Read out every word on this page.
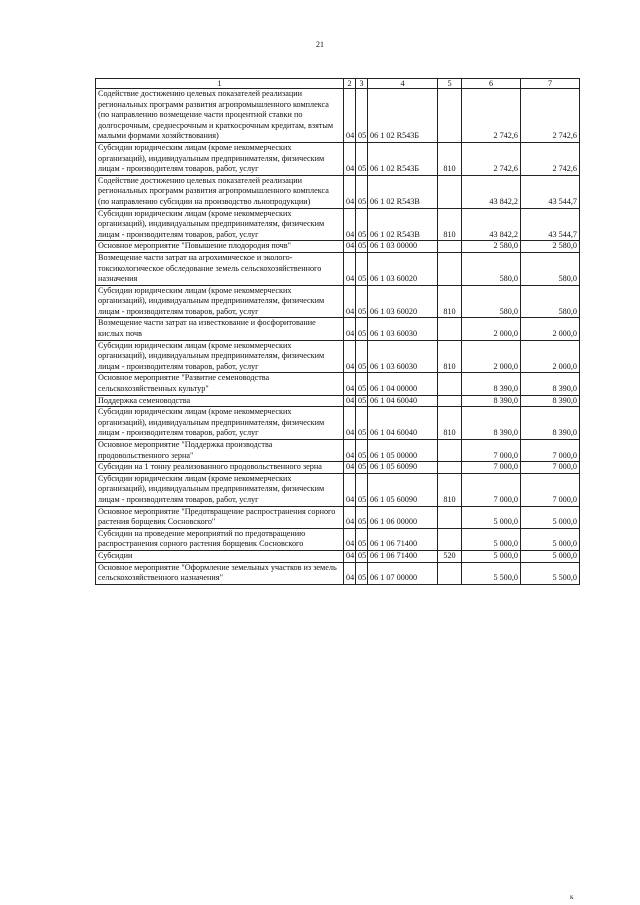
21
1	2	3	4	5	6	7
Содействие достижению целевых показателей реализации региональных программ развития агропромышленного комплекса (по направлению возмещение части процентной ставки по долгосрочным, среднесрочным и краткосрочным кредитам, взятым малыми формами хозяйствования)	04	05	06 1 02 R543Б		2 742,6	2 742,6
Субсидии юридическим лицам (кроме некоммерческих организаций), индивидуальным предпринимателям, физическим лицам - производителям товаров, работ, услуг	04	05	06 1 02 R543Б	810	2 742,6	2 742,6
Содействие достижению целевых показателей реализации региональных программ развития агропромышленного комплекса (по направлению субсидии на производство льнопродукции)	04	05	06 1 02 R543В		43 842,2	43 544,7
Субсидии юридическим лицам (кроме некоммерческих организаций), индивидуальным предпринимателям, физическим лицам - производителям товаров, работ, услуг	04	05	06 1 02 R543В	810	43 842,2	43 544,7
Основное мероприятие "Повышение плодородия почв"	04	05	06 1 03 00000		2 580,0	2 580,0
Возмещение части затрат на агрохимическое и эколого-токсикологическое обследование земель сельскохозяйственного назначения	04	05	06 1 03 60020		580,0	580,0
Субсидии юридическим лицам (кроме некоммерческих организаций), индивидуальным предпринимателям, физическим лицам - производителям товаров, работ, услуг	04	05	06 1 03 60020	810	580,0	580,0
Возмещение части затрат на известкование и фосфоритование кислых почв	04	05	06 1 03 60030		2 000,0	2 000,0
Субсидии юридическим лицам (кроме некоммерческих организаций), индивидуальным предпринимателям, физическим лицам - производителям товаров, работ, услуг	04	05	06 1 03 60030	810	2 000,0	2 000,0
Основное мероприятие "Развитие семеноводства сельскохозяйственных культур"	04	05	06 1 04 00000		8 390,0	8 390,0
Поддержка семеноводства	04	05	06 1 04 60040		8 390,0	8 390,0
Субсидии юридическим лицам (кроме некоммерческих организаций), индивидуальным предпринимателям, физическим лицам - производителям товаров, работ, услуг	04	05	06 1 04 60040	810	8 390,0	8 390,0
Основное мероприятие "Поддержка производства продовольственного зерна"	04	05	06 1 05 00000		7 000,0	7 000,0
Субсидии на 1 тонну реализованного продовольственного зерна	04	05	06 1 05 60090		7 000,0	7 000,0
Субсидии юридическим лицам (кроме некоммерческих организаций), индивидуальным предпринимателям, физическим лицам - производителям товаров, работ, услуг	04	05	06 1 05 60090	810	7 000,0	7 000,0
Основное мероприятие "Предотвращение распространения сорного растения борщевик Сосновского"	04	05	06 1 06 00000		5 000,0	5 000,0
Субсидии на проведение мероприятий по предотвращению распространения сорного растения борщевик Сосновского	04	05	06 1 06 71400		5 000,0	5 000,0
Субсидии	04	05	06 1 06 71400	520	5 000,0	5 000,0
Основное мероприятие "Оформление земельных участков из земель сельскохозяйственного назначения"	04	05	06 1 07 00000		5 500,0	5 500,0
к
